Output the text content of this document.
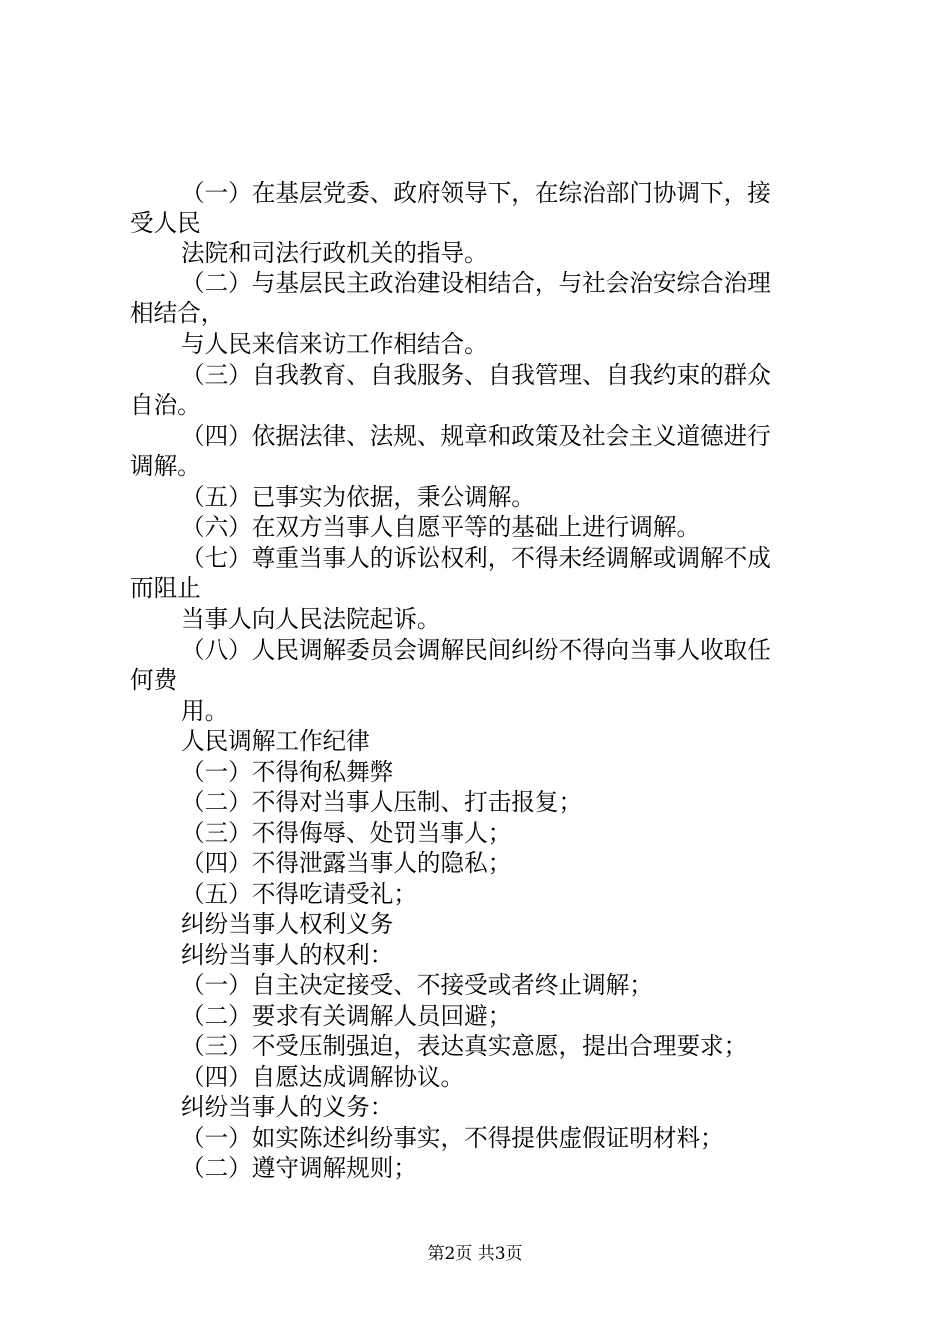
（一）在基层党委、政府领导下，在综治部门协调下，接
受人民
法院和司法行政机关的指导。
（二）与基层民主政治建设相结合，与社会治安综合治理
相结合，
与人民来信来访工作相结合。
（三）自我教育、自我服务、自我管理、自我约束的群众
自治。
（四）依据法律、法规、规章和政策及社会主义道德进行
调解。
（五）已事实为依据，秉公调解。
（六）在双方当事人自愿平等的基础上进行调解。
（七）尊重当事人的诉讼权利，不得未经调解或调解不成
而阻止
当事人向人民法院起诉。
（八）人民调解委员会调解民间纠纷不得向当事人收取任
何费
用。
人民调解工作纪律
（一）不得徇私舞弊
（二）不得对当事人压制、打击报复；
（三）不得侮辱、处罚当事人；
（四）不得泄露当事人的隐私；
（五）不得吃请受礼；
纠纷当事人权利义务
纠纷当事人的权利：
（一）自主决定接受、不接受或者终止调解；
（二）要求有关调解人员回避；
（三）不受压制强迫，表达真实意愿，提出合理要求；
（四）自愿达成调解协议。
纠纷当事人的义务：
（一）如实陈述纠纷事实，不得提供虚假证明材料；
（二）遵守调解规则；
第2页 共3页
